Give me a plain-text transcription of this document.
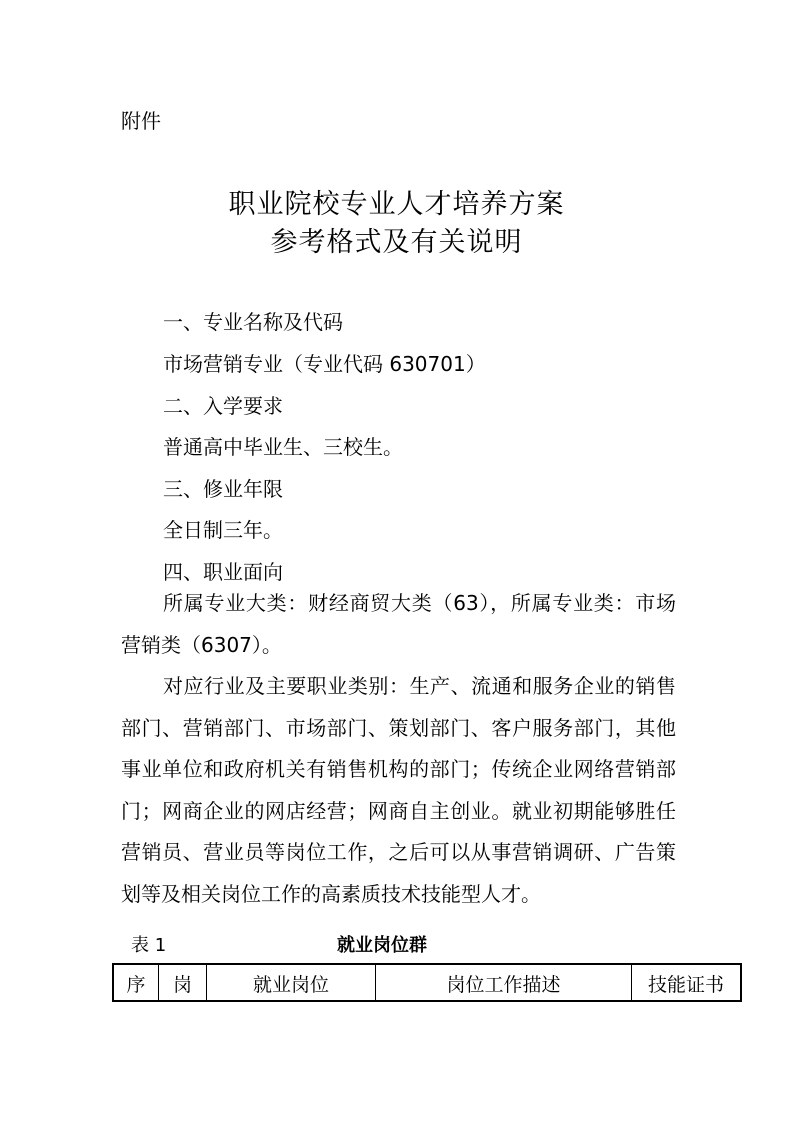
附件
职业院校专业人才培养方案
参考格式及有关说明
一、专业名称及代码
市场营销专业（专业代码 630701）
二、入学要求
普通高中毕业生、三校生。
三、修业年限
全日制三年。
四、职业面向

所属专业大类：财经商贸大类（63），所属专业类：市场营销类（6307）。

对应行业及主要职业类别：生产、流通和服务企业的销售部门、营销部门、市场部门、策划部门、客户服务部门，其他事业单位和政府机关有销售机构的部门；传统企业网络营销部门；网商企业的网店经营；网商自主创业。就业初期能够胜任营销员、营业员等岗位工作，之后可以从事营销调研、广告策划等及相关岗位工作的高素质技术技能型人才。

表 1	就业岗位群
序	岗	就业岗位	岗位工作描述	技能证书
